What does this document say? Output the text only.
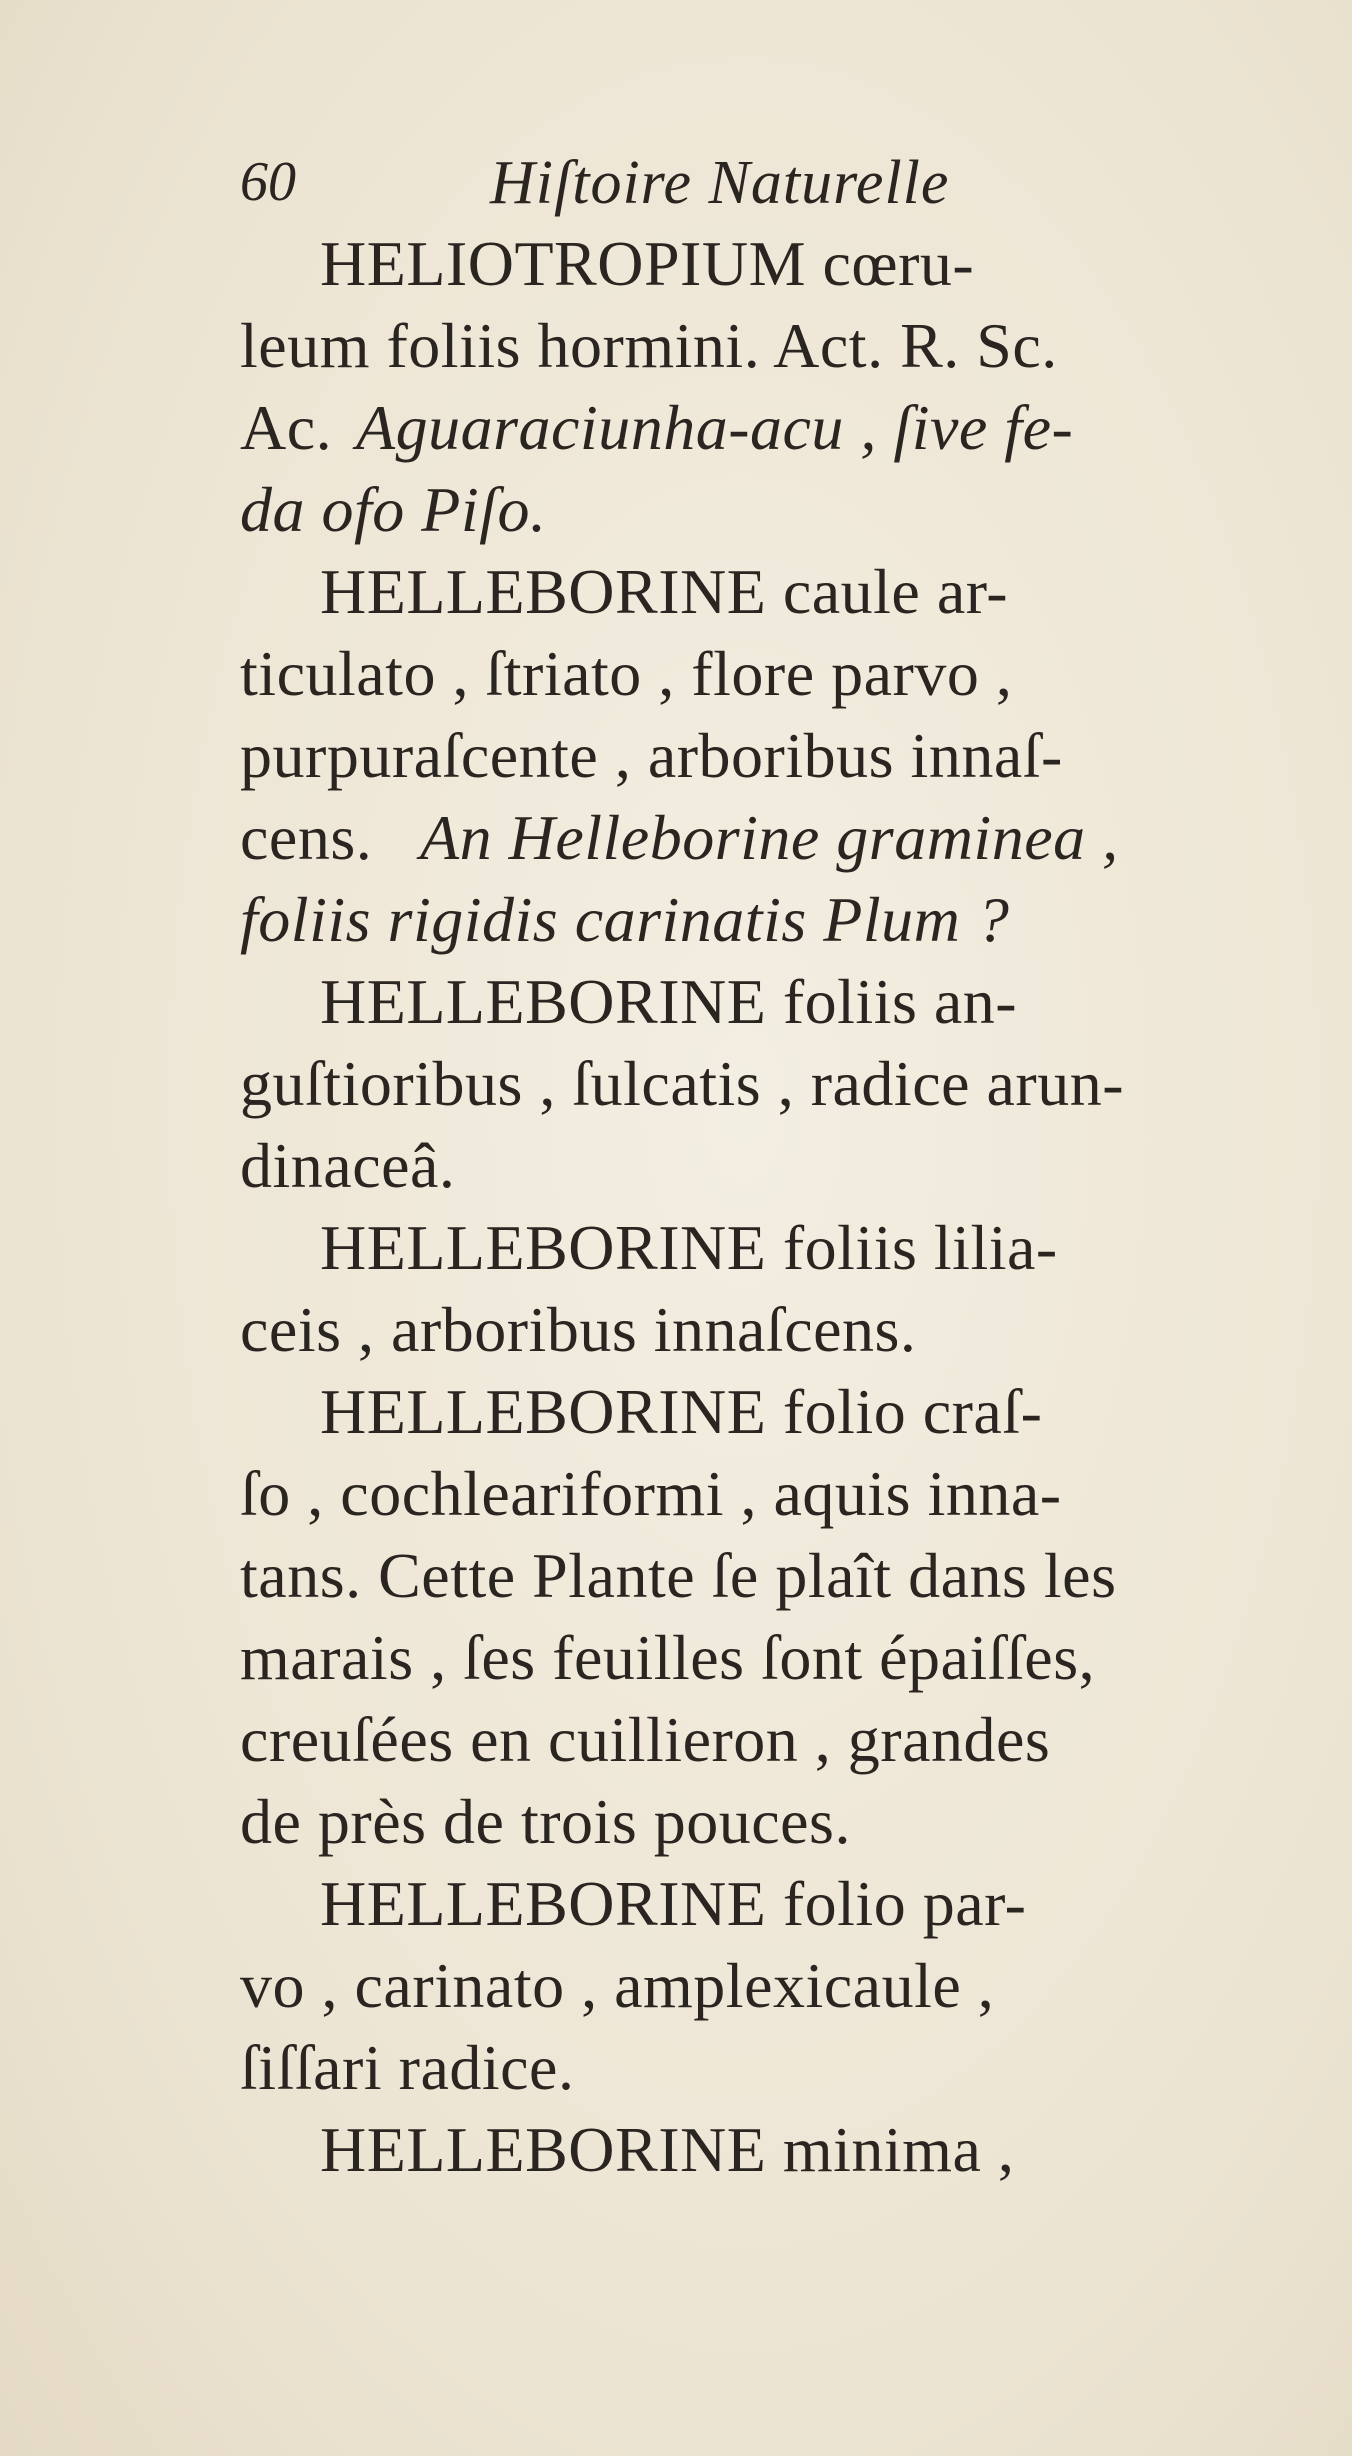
60	Hiſtoire Naturelle
HELIOTROPIUM cœru-
leum foliis hormini. Act. R. Sc.
Ac. Aguaraciunha-acu , ſive fe-
da ofo Piſo.
HELLEBORINE caule ar-
ticulato , ſtriato , flore parvo ,
purpuraſcente , arboribus innaſ-
cens. An Helleborine graminea ,
foliis rigidis carinatis Plum ?
HELLEBORINE foliis an-
guſtioribus , ſulcatis , radice arun-
dinaceâ.
HELLEBORINE foliis lilia-
ceis , arboribus innaſcens.
HELLEBORINE folio craſ-
ſo , cochleariformi , aquis inna-
tans. Cette Plante ſe plaît dans les
marais , ſes feuilles ſont épaiſſes,
creuſées en cuillieron , grandes
de près de trois pouces.
HELLEBORINE folio par-
vo , carinato , amplexicaule ,
ſiſſari radice.
HELLEBORINE minima ,
